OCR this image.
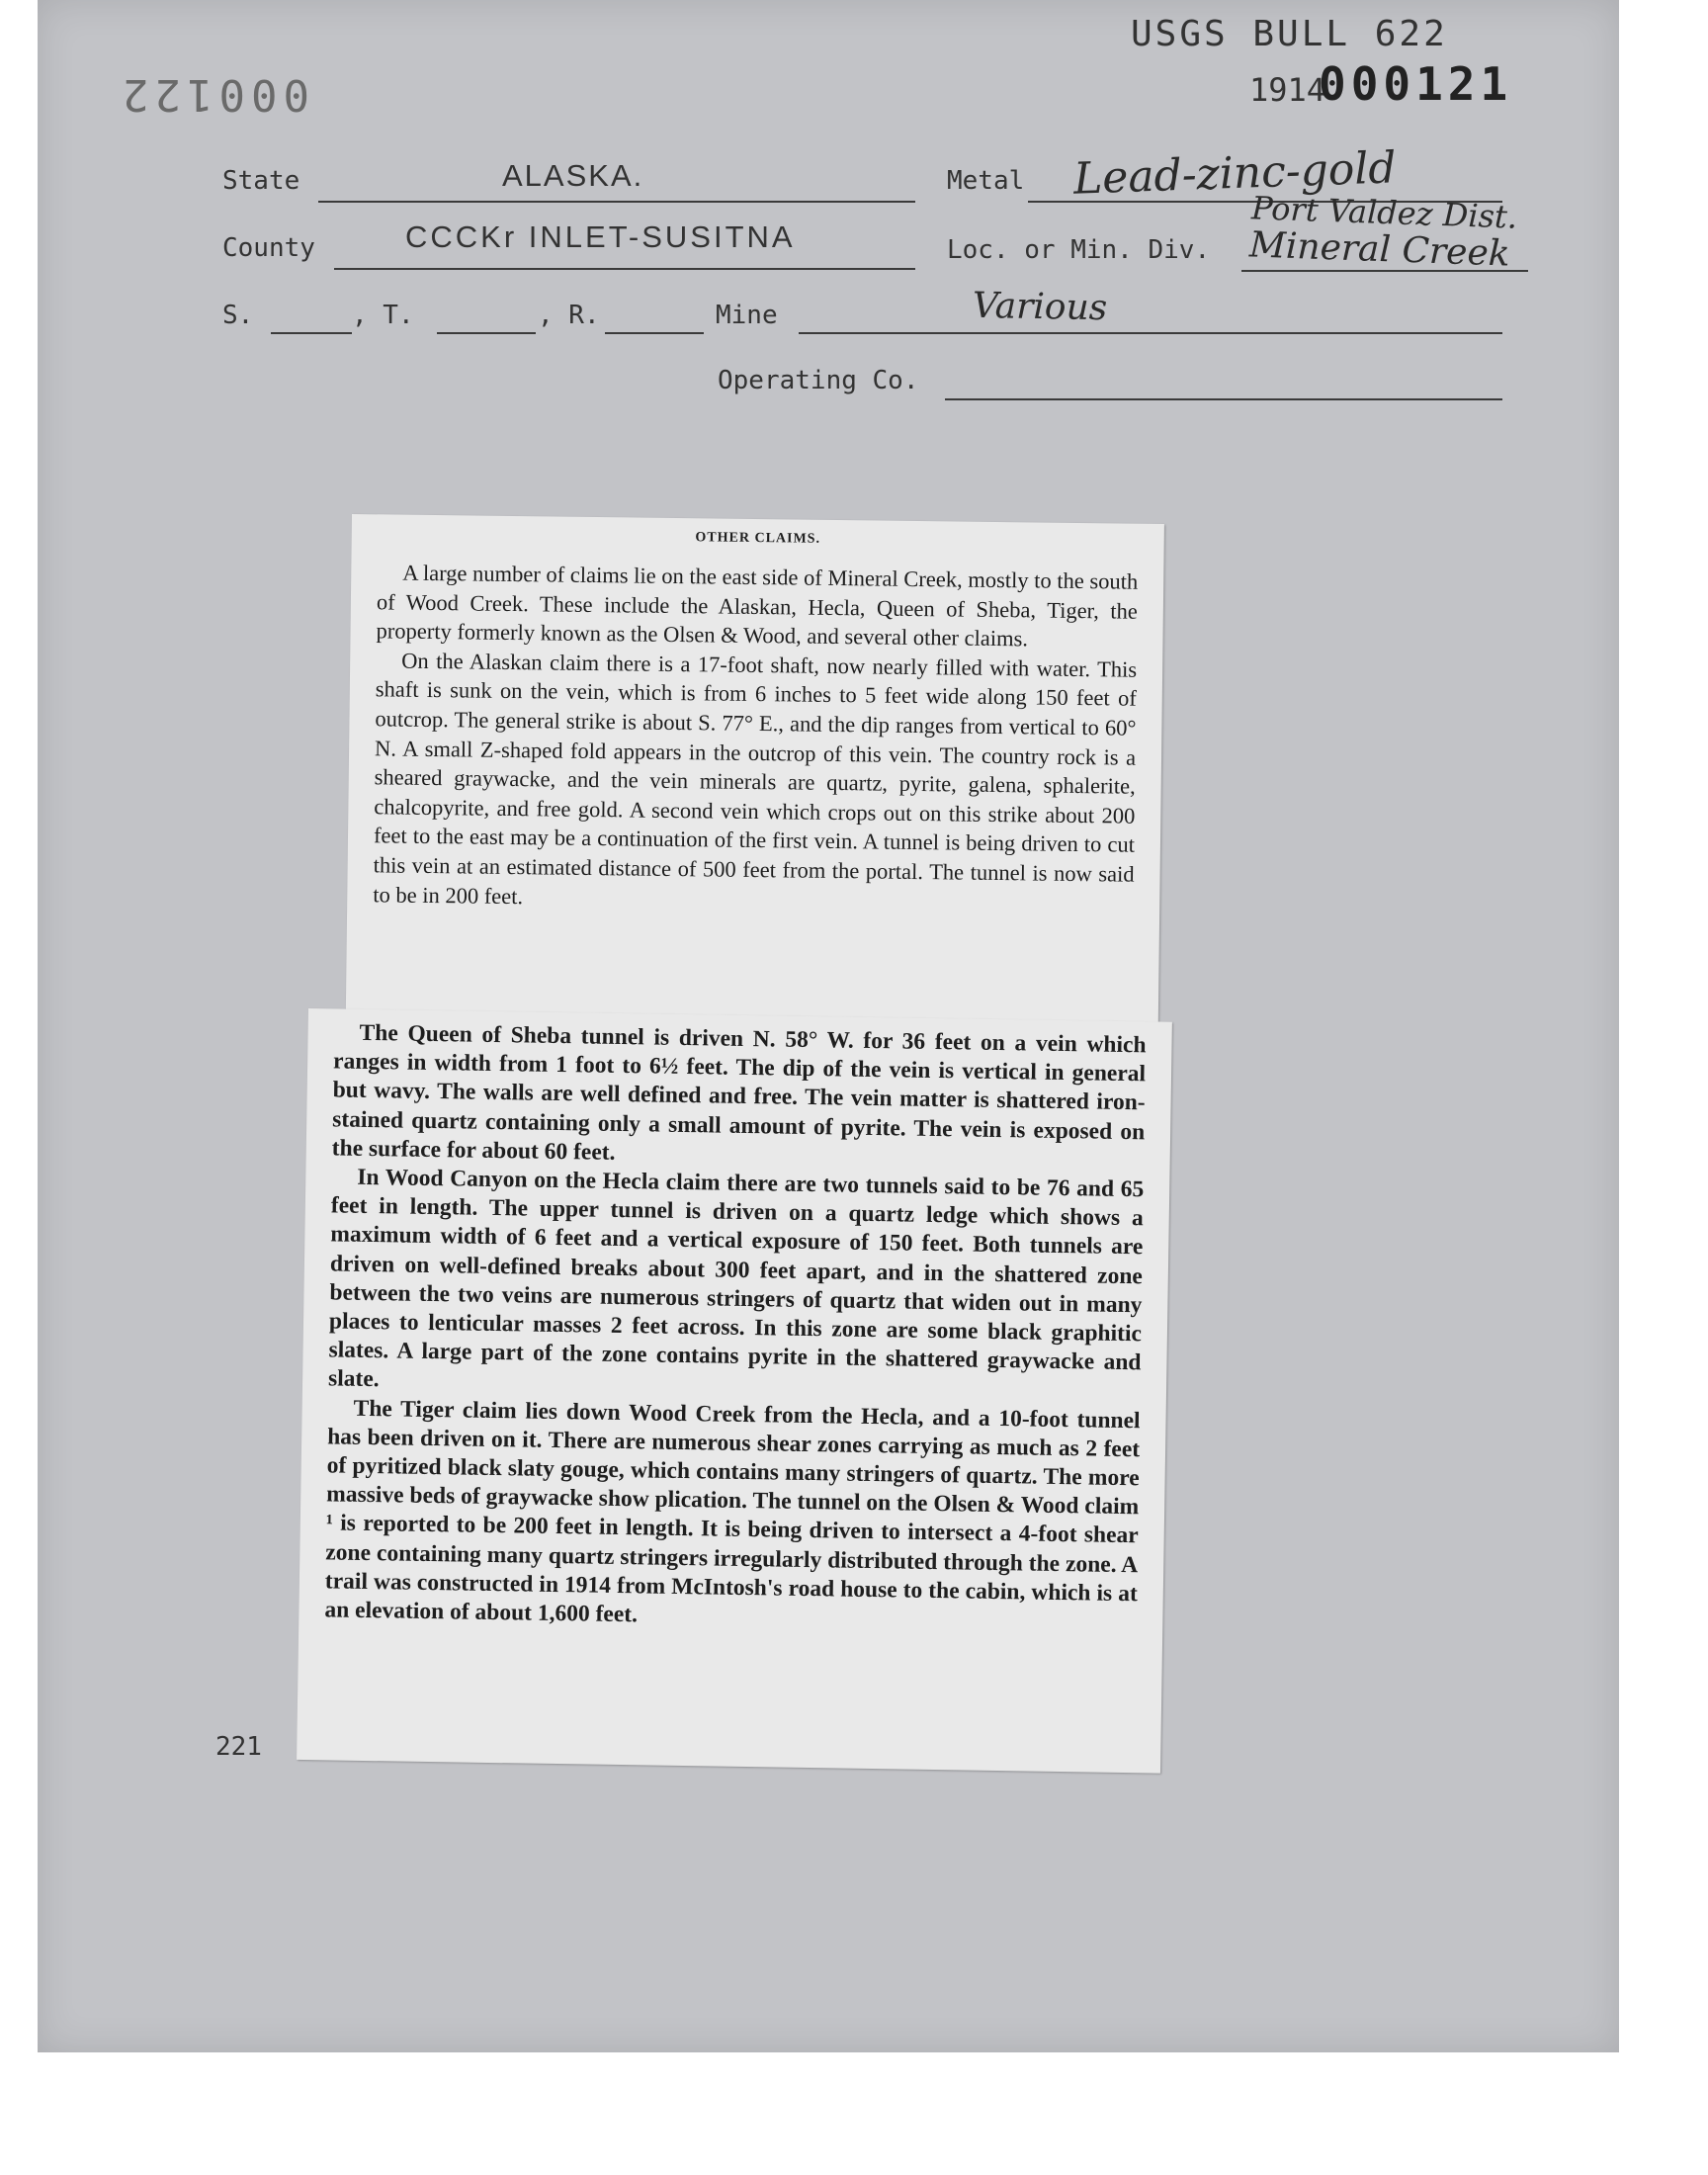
USGS BULL 622
1914
000121
000122
State	ALASKA.	Metal Lead-zinc-gold
County	CCCKr INLET-SUSITNA	Loc. or Min. Div.
Port Valdez Dist.
Mineral Creek
S.	, T.	, R.	Mine	Various
Operating Co.
221
OTHER CLAIMS.

A large number of claims lie on the east side of Mineral Creek, mostly to the south of Wood Creek. These include the Alaskan, Hecla, Queen of Sheba, Tiger, the property formerly known as the Olsen & Wood, and several other claims.

On the Alaskan claim there is a 17-foot shaft, now nearly filled with water. This shaft is sunk on the vein, which is from 6 inches to 5 feet wide along 150 feet of outcrop. The general strike is about S. 77° E., and the dip ranges from vertical to 60° N. A small Z-shaped fold appears in the outcrop of this vein. The country rock is a sheared graywacke, and the vein minerals are quartz, pyrite, galena, sphalerite, chalcopyrite, and free gold. A second vein which crops out on this strike about 200 feet to the east may be a continuation of the first vein. A tunnel is being driven to cut this vein at an estimated distance of 500 feet from the portal. The tunnel is now said to be in 200 feet.

The Queen of Sheba tunnel is driven N. 58° W. for 36 feet on a vein which ranges in width from 1 foot to 6½ feet. The dip of the vein is vertical in general but wavy. The walls are well defined and free. The vein matter is shattered iron-stained quartz containing only a small amount of pyrite. The vein is exposed on the surface for about 60 feet.

In Wood Canyon on the Hecla claim there are two tunnels said to be 76 and 65 feet in length. The upper tunnel is driven on a quartz ledge which shows a maximum width of 6 feet and a vertical exposure of 150 feet. Both tunnels are driven on well-defined breaks about 300 feet apart, and in the shattered zone between the two veins are numerous stringers of quartz that widen out in many places to lenticular masses 2 feet across. In this zone are some black graphitic slates. A large part of the zone contains pyrite in the shattered graywacke and slate.

The Tiger claim lies down Wood Creek from the Hecla, and a 10-foot tunnel has been driven on it. There are numerous shear zones carrying as much as 2 feet of pyritized black slaty gouge, which contains many stringers of quartz. The more massive beds of graywacke show plication. The tunnel on the Olsen & Wood claim ¹ is reported to be 200 feet in length. It is being driven to intersect a 4-foot shear zone containing many quartz stringers irregularly distributed through the zone. A trail was constructed in 1914 from McIntosh's road house to the cabin, which is at an elevation of about 1,600 feet.
